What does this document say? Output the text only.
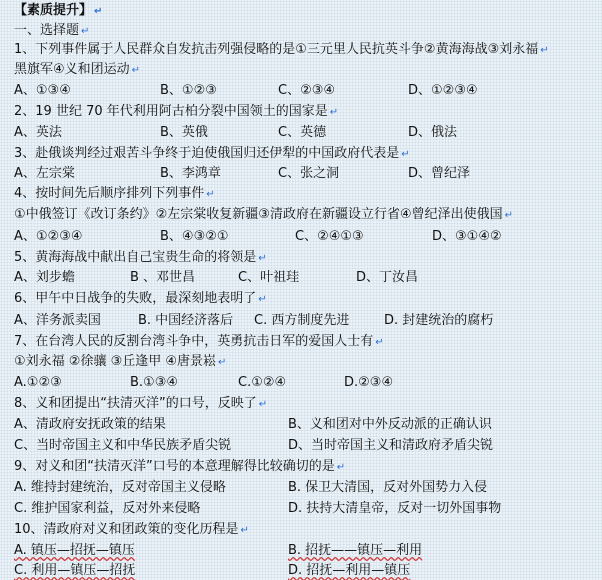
【素质提升】 ↵
一、选择题 ↵
1、下列事件属于人民群众自发抗击列强侵略的是①三元里人民抗英斗争②黄海海战③刘永福 ↵
黑旗军④义和团运动 ↵
A、①③④	B、①②③	C、②③④	D、①②③④
2、19 世纪 70 年代利用阿古柏分裂中国领土的国家是 ↵
A、英法	B、英俄	C、英德	D、俄法
3、赴俄谈判经过艰苦斗争终于迫使俄国归还伊犁的中国政府代表是 ↵
A、左宗棠	B、李鸿章	C、张之洞	D、曾纪泽
4、按时间先后顺序排列下列事件 ↵
①中俄签订《改订条约》②左宗棠收复新疆③清政府在新疆设立行省④曾纪泽出使俄国 ↵
A、①②③④	B、④③②①	C、②④①③	D、③①④②
5、黄海海战中献出自己宝贵生命的将领是 ↵
A、刘步蟾	B 、邓世昌	C、叶祖珪	D、丁汝昌
6、甲午中日战争的失败，最深刻地表明了 ↵
A、洋务派卖国	B. 中国经济落后 C. 西方制度先进	D. 封建统治的腐朽
7、在台湾人民的反割台湾斗争中，英勇抗击日军的爱国人士有 ↵
①刘永福 ②徐骧 ③丘逢甲 ④唐景崧 ↵
A.①②③	B.①③④	C.①②④	D.②③④
8、义和团提出“扶清灭洋”的口号，反映了 ↵
A、清政府安抚政策的结果	B、义和团对中外反动派的正确认识
C、当时帝国主义和中华民族矛盾尖锐	D、当时帝国主义和清政府矛盾尖锐
9、对义和团“扶清灭洋”口号的本意理解得比较确切的是 ↵
A. 维持封建统治，反对帝国主义侵略	B. 保卫大清国，反对外国势力入侵
C. 维护国家利益，反对外来侵略	D. 扶持大清皇帝，反对一切外国事物
10、清政府对义和团政策的变化历程是 ↵
A. 镇压—招抚—镇压	B. 招抚——镇压—利用
C. 利用—镇压—招抚	D. 招抚—利用—镇压
